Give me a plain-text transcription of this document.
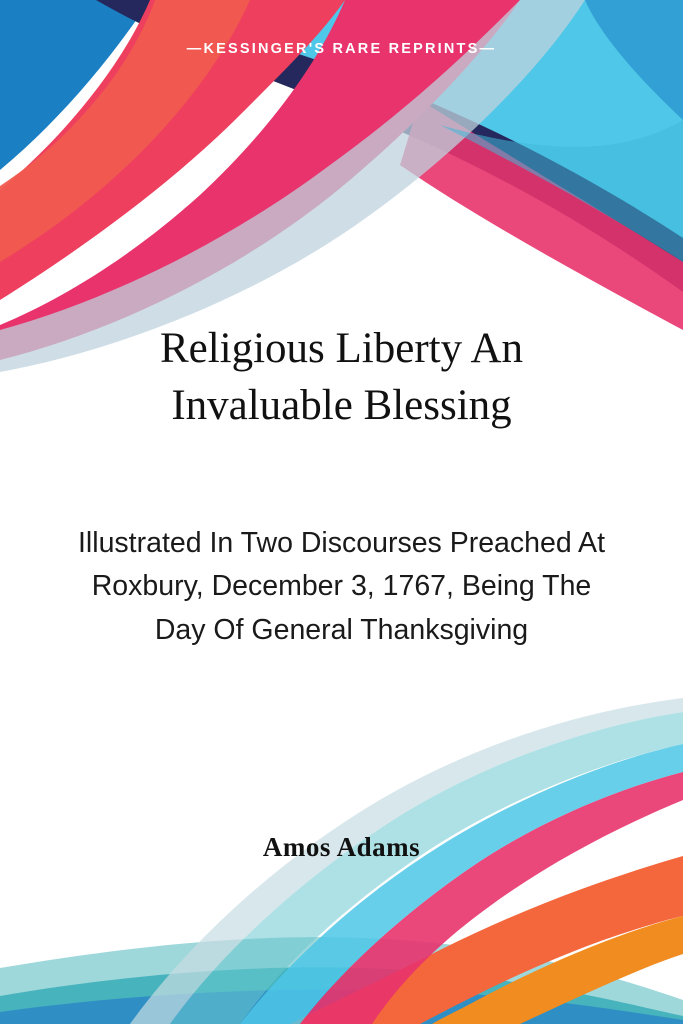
—KESSINGER'S RARE REPRINTS—
Religious Liberty An Invaluable Blessing
Illustrated In Two Discourses Preached At Roxbury, December 3, 1767, Being The Day Of General Thanksgiving
Amos Adams
